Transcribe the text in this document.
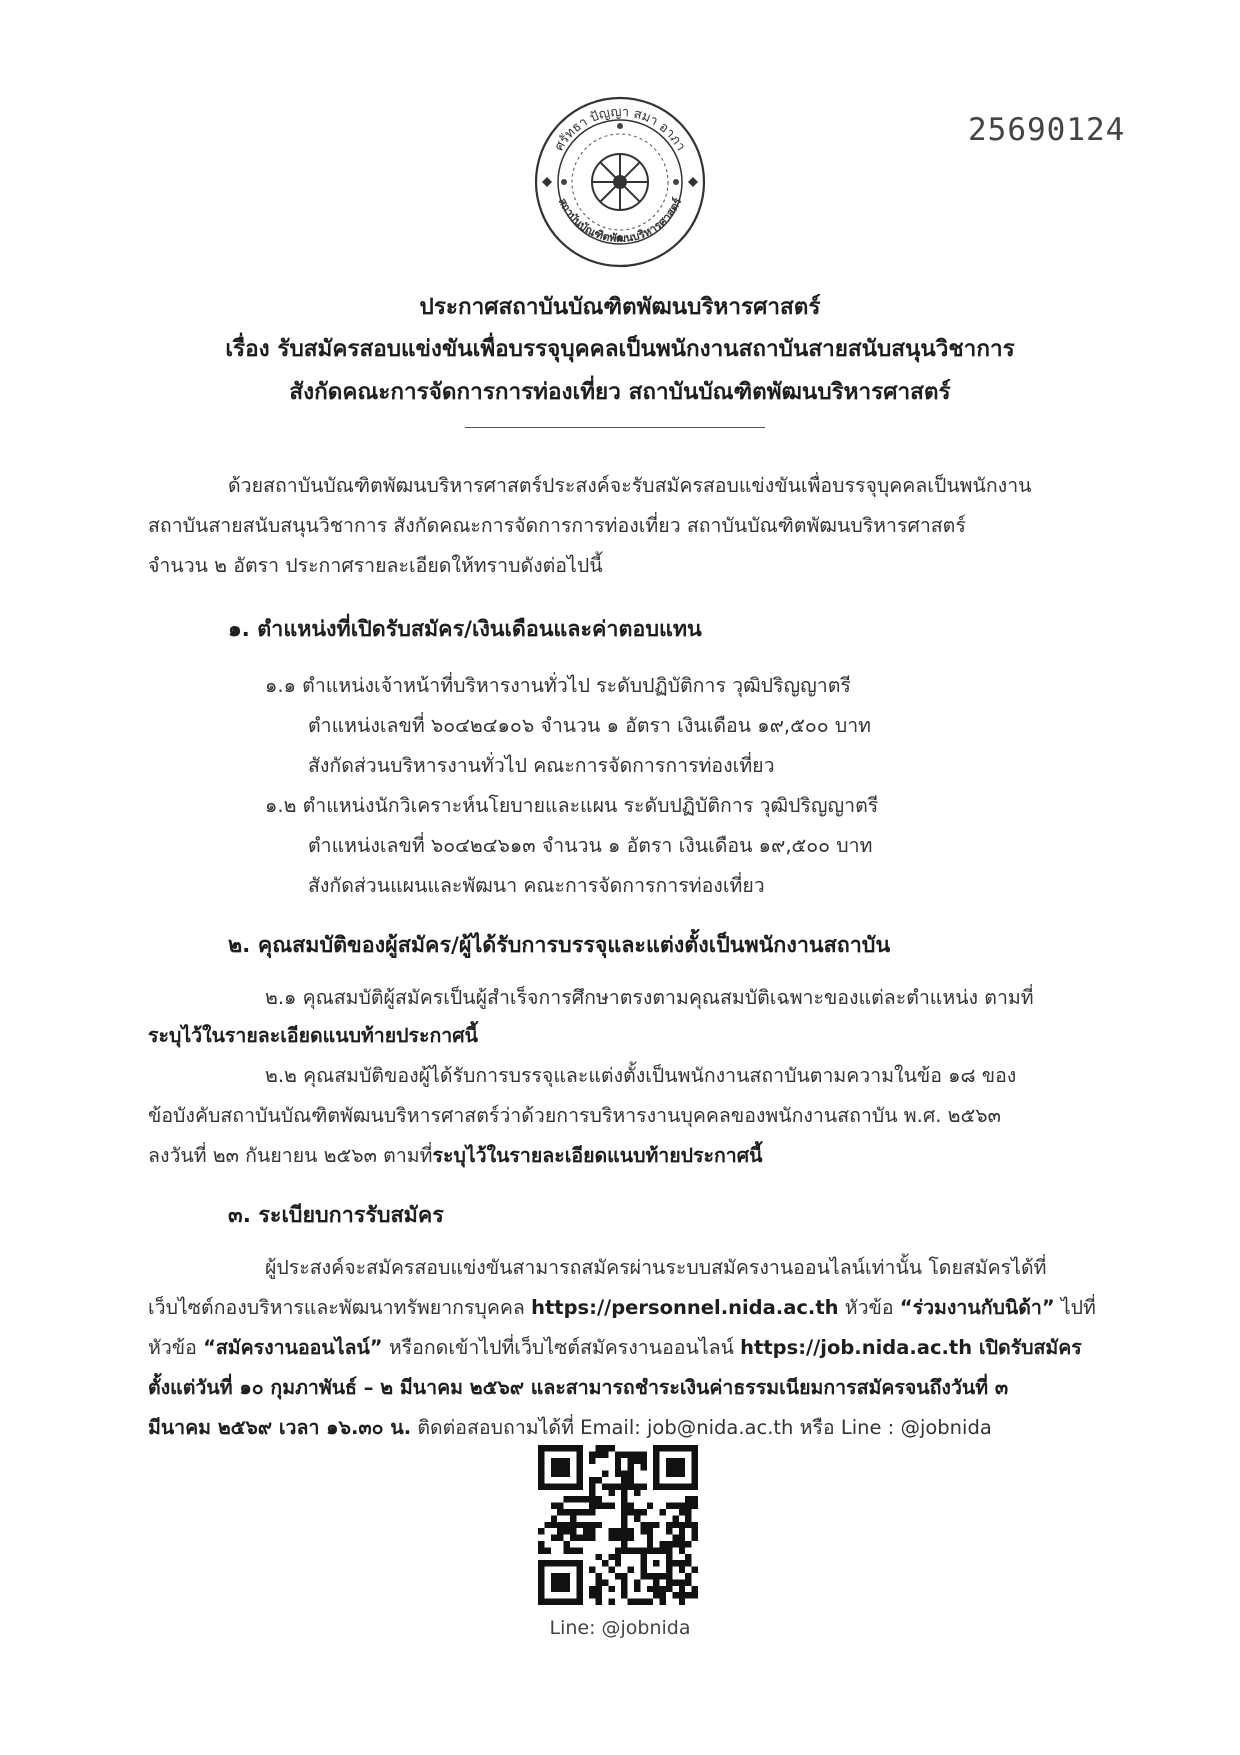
25690124
ศรัทธา ปัญญา สมา อาภา
สถาบันบัณฑิตพัฒนบริหารศาสตร์
ประกาศสถาบันบัณฑิตพัฒนบริหารศาสตร์
เรื่อง รับสมัครสอบแข่งขันเพื่อบรรจุบุคคลเป็นพนักงานสถาบันสายสนับสนุนวิชาการ
สังกัดคณะการจัดการการท่องเที่ยว สถาบันบัณฑิตพัฒนบริหารศาสตร์
ด้วยสถาบันบัณฑิตพัฒนบริหารศาสตร์ประสงค์จะรับสมัครสอบแข่งขันเพื่อบรรจุบุคคลเป็นพนักงาน
สถาบันสายสนับสนุนวิชาการ สังกัดคณะการจัดการการท่องเที่ยว สถาบันบัณฑิตพัฒนบริหารศาสตร์
จำนวน ๒ อัตรา ประกาศรายละเอียดให้ทราบดังต่อไปนี้
๑. ตำแหน่งที่เปิดรับสมัคร/เงินเดือนและค่าตอบแทน
๑.๑ ตำแหน่งเจ้าหน้าที่บริหารงานทั่วไป ระดับปฏิบัติการ วุฒิปริญญาตรี
ตำแหน่งเลขที่ ๖๐๔๒๔๑๐๖ จำนวน ๑ อัตรา เงินเดือน ๑๙,๕๐๐ บาท
สังกัดส่วนบริหารงานทั่วไป คณะการจัดการการท่องเที่ยว
๑.๒ ตำแหน่งนักวิเคราะห์นโยบายและแผน ระดับปฏิบัติการ วุฒิปริญญาตรี
ตำแหน่งเลขที่ ๖๐๔๒๔๖๑๓ จำนวน ๑ อัตรา เงินเดือน ๑๙,๕๐๐ บาท
สังกัดส่วนแผนและพัฒนา คณะการจัดการการท่องเที่ยว
๒. คุณสมบัติของผู้สมัคร/ผู้ได้รับการบรรจุและแต่งตั้งเป็นพนักงานสถาบัน
๒.๑ คุณสมบัติผู้สมัครเป็นผู้สำเร็จการศึกษาตรงตามคุณสมบัติเฉพาะของแต่ละตำแหน่ง ตามที่
ระบุไว้ในรายละเอียดแนบท้ายประกาศนี้
๒.๒ คุณสมบัติของผู้ได้รับการบรรจุและแต่งตั้งเป็นพนักงานสถาบันตามความในข้อ ๑๘ ของ
ข้อบังคับสถาบันบัณฑิตพัฒนบริหารศาสตร์ว่าด้วยการบริหารงานบุคคลของพนักงานสถาบัน พ.ศ. ๒๕๖๓
ลงวันที่ ๒๓ กันยายน ๒๕๖๓ ตามที่ระบุไว้ในรายละเอียดแนบท้ายประกาศนี้
๓. ระเบียบการรับสมัคร
ผู้ประสงค์จะสมัครสอบแข่งขันสามารถสมัครผ่านระบบสมัครงานออนไลน์เท่านั้น โดยสมัครได้ที่
เว็บไซต์กองบริหารและพัฒนาทรัพยากรบุคคล https://personnel.nida.ac.th หัวข้อ “ร่วมงานกับนิด้า” ไปที่
หัวข้อ “สมัครงานออนไลน์” หรือกดเข้าไปที่เว็บไซต์สมัครงานออนไลน์ https://job.nida.ac.th เปิดรับสมัคร
ตั้งแต่วันที่ ๑๐ กุมภาพันธ์ – ๒ มีนาคม ๒๕๖๙ และสามารถชำระเงินค่าธรรมเนียมการสมัครจนถึงวันที่ ๓
มีนาคม ๒๕๖๙ เวลา ๑๖.๓๐ น. ติดต่อสอบถามได้ที่ Email: job@nida.ac.th หรือ Line : @jobnida
Line: @jobnida
